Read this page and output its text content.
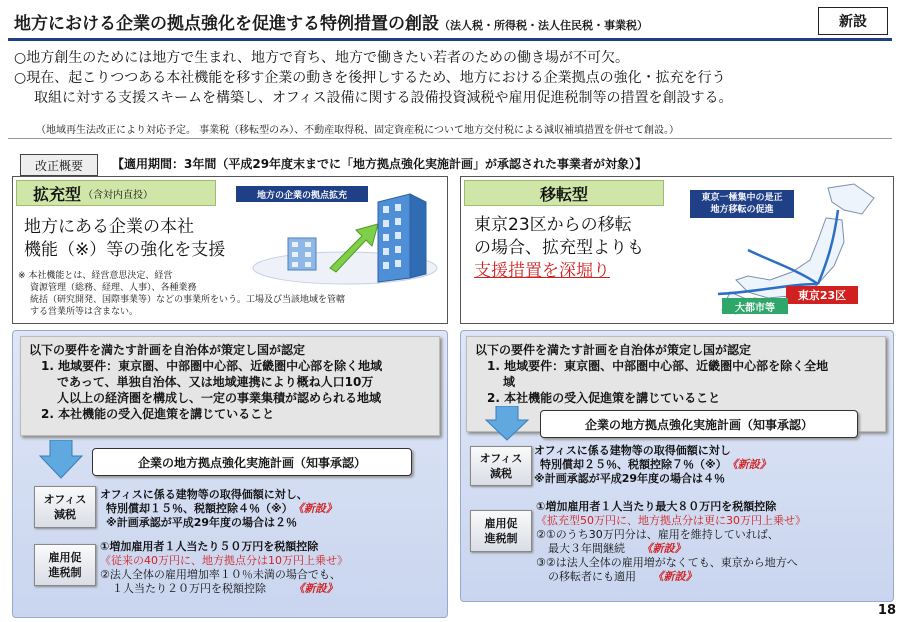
地方における企業の拠点強化を促進する特例措置の創設（法人税・所得税・法人住民税・事業税）	新設
○地方創生のためには地方で生まれ、地方で育ち、地方で働きたい若者のための働き場が不可欠。
○現在、起こりつつある本社機能を移す企業の動きを後押しするため、地方における企業拠点の強化・拡充を行う
取組に対する支援スキームを構築し、オフィス設備に関する設備投資減税や雇用促進税制等の措置を創設する。
（地域再生法改正により対応予定。 事業税（移転型のみ）、不動産取得税、固定資産税について地方交付税による減収補填措置を併せて創設。）
改正概要	【適用期間：3年間（平成29年度末までに「地方拠点強化実施計画」が承認された事業者が対象）】
拡充型 （含対内直投）
地方にある企業の本社
機能（※）等の強化を支援
地方の企業の拠点拡充
※ 本社機能とは、経営意思決定、経営
資源管理（総務、経理、人事）、各種業務
統括（研究開発、国際事業等）などの事業所をいう。工場及び当該地域を管轄
する営業所等は含まない。
移転型
東京23区からの移転
の場合、拡充型よりも
支援措置を深堀り
東京一極集中の是正
地方移転の促進
東京23区
大都市等
以下の要件を満たす計画を自治体が策定し国が認定
1. 地域要件：東京圏、中部圏中心部、近畿圏中心部を除く地域
であって、単独自治体、又は地域連携により概ね人口10万
人以上の経済圏を構成し、一定の事業集積が認められる地域
2. 本社機能の受入促進策を講じていること
企業の地方拠点強化実施計画（知事承認）
オフィス
減税
オフィスに係る建物等の取得価額に対し、
特別償却１５％、税額控除４％（※）　 《新設》
※計画承認が平成29年度の場合は２％
雇用促
進税制
①増加雇用者１人当たり５０万円を税額控除
《従来の40万円に、地方拠点分は10万円上乗せ》
②法人全体の雇用増加率１０％未満の場合でも、
１人当たり２０万円を税額控除　　　	《新設》
以下の要件を満たす計画を自治体が策定し国が認定
1. 地域要件：東京圏、中部圏中心部、近畿圏中心部を除く全地
域
2. 本社機能の受入促進策を講じていること
企業の地方拠点強化実施計画（知事承認）
オフィス
減税
オフィスに係る建物等の取得価額に対し
特別償却２５％、税額控除７％（※）　 《新設》
※計画承認が平成29年度の場合は４％
雇用促
進税制
①増加雇用者１人当たり最大８０万円を税額控除
《拡充型50万円に、地方拠点分は更に30万円上乗せ》
②①のうち30万円分は、雇用を維持していれば、
最大３年間継続　　 《新設》
③②は法人全体の雇用増がなくても、東京から地方へ
の移転者にも適用　　 《新設》
18
